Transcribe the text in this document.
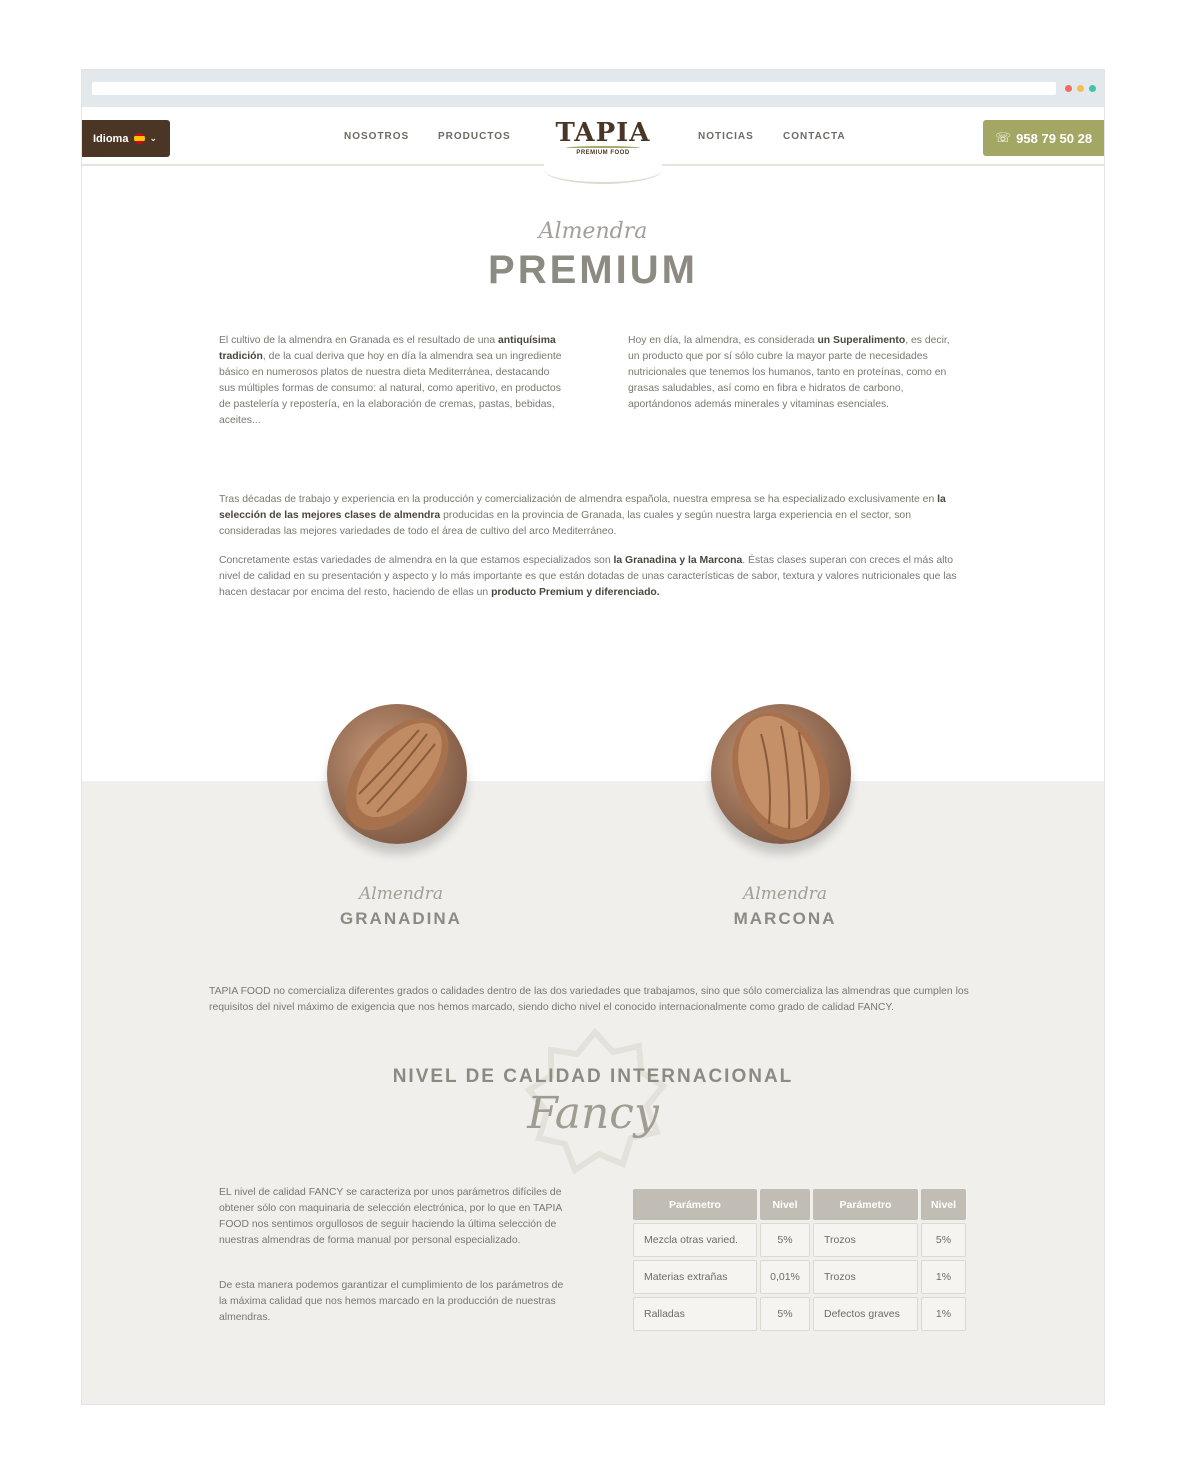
Idioma ⌄	NOSOTROS	PRODUCTOS	TAPIA
PREMIUM FOOD
NOTICIAS	CONTACTA	☏ 958 79 50 28
Almendra
PREMIUM
El cultivo de la almendra en Granada es el resultado de una antiquísima tradición, de la cual deriva que hoy en día la almendra sea un ingrediente básico en numerosos platos de nuestra dieta Mediterránea, destacando sus múltiples formas de consumo: al natural, como aperitivo, en productos de pastelería y repostería, en la elaboración de cremas, pastas, bebidas, aceites...
Hoy en día, la almendra, es considerada un Superalimento, es decir, un producto que por sí sólo cubre la mayor parte de necesidades nutricionales que tenemos los humanos, tanto en proteínas, como en grasas saludables, así como en fibra e hidratos de carbono, aportándonos además minerales y vitaminas esenciales.
Tras décadas de trabajo y experiencia en la producción y comercialización de almendra española, nuestra empresa se ha especializado exclusivamente en la selección de las mejores clases de almendra producidas en la provincia de Granada, las cuales y según nuestra larga experiencia en el sector, son consideradas las mejores variedades de todo el área de cultivo del arco Mediterráneo.
Concretamente estas variedades de almendra en la que estamos especializados son la Granadina y la Marcona. Éstas clases superan con creces el más alto nivel de calidad en su presentación y aspecto y lo más importante es que están dotadas de unas características de sabor, textura y valores nutricionales que las hacen destacar por encima del resto, haciendo de ellas un producto Premium y diferenciado.
Almendra
GRANADINA
Almendra
MARCONA
TAPIA FOOD no comercializa diferentes grados o calidades dentro de las dos variedades que trabajamos, sino que sólo comercializa las almendras que cumplen los requisitos del nivel máximo de exigencia que nos hemos marcado, siendo dicho nivel el conocido internacionalmente como grado de calidad FANCY.
NIVEL DE CALIDAD INTERNACIONAL
Fancy
EL nivel de calidad FANCY se caracteriza por unos parámetros difíciles de obtener sólo con maquinaria de selección electrónica, por lo que en TAPIA FOOD nos sentimos orgullosos de seguir haciendo la última selección de nuestras almendras de forma manual por personal especializado.
De esta manera podemos garantizar el cumplimiento de los parámetros de la máxima calidad que nos hemos marcado en la producción de nuestras almendras.
Parámetro	Nivel	Parámetro	Nivel
Mezcla otras varied.	5%	Trozos	5%
Materias extrañas	0,01%	Trozos	1%
Ralladas	5%	Defectos graves	1%
